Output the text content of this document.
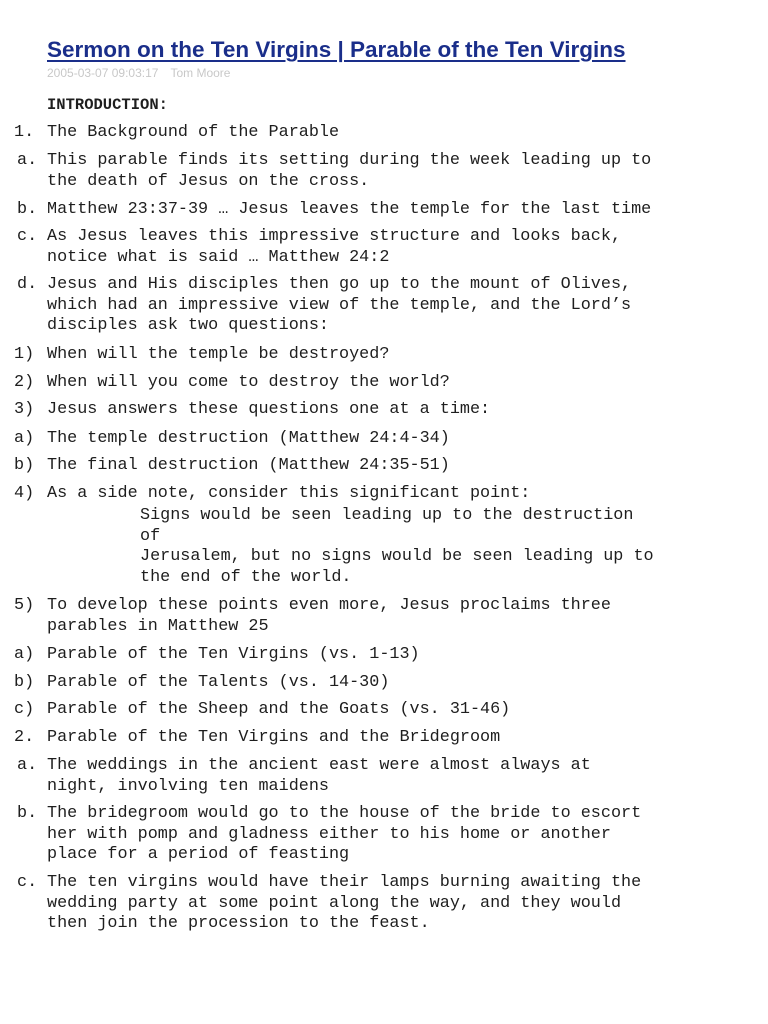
Sermon on the Ten Virgins | Parable of the Ten Virgins
2005-03-07 09:03:17 Tom Moore
INTRODUCTION:
1. The Background of the Parable
a. This parable finds its setting during the week leading up to
the death of Jesus on the cross.
b. Matthew 23:37-39 … Jesus leaves the temple for the last time
c. As Jesus leaves this impressive structure and looks back,
notice what is said … Matthew 24:2
d. Jesus and His disciples then go up to the mount of Olives,
which had an impressive view of the temple, and the Lord’s
disciples ask two questions:
1) When will the temple be destroyed?
2) When will you come to destroy the world?
3) Jesus answers these questions one at a time:
a) The temple destruction (Matthew 24:4-34)
b) The final destruction (Matthew 24:35-51)
4) As a side note, consider this significant point:
Signs would be seen leading up to the destruction
of
Jerusalem, but no signs would be seen leading up to
the end of the world.
5) To develop these points even more, Jesus proclaims three
parables in Matthew 25
a) Parable of the Ten Virgins (vs. 1-13)
b) Parable of the Talents (vs. 14-30)
c) Parable of the Sheep and the Goats (vs. 31-46)
2. Parable of the Ten Virgins and the Bridegroom
a. The weddings in the ancient east were almost always at
night, involving ten maidens
b. The bridegroom would go to the house of the bride to escort
her with pomp and gladness either to his home or another
place for a period of feasting
c. The ten virgins would have their lamps burning awaiting the
wedding party at some point along the way, and they would
then join the procession to the feast.
